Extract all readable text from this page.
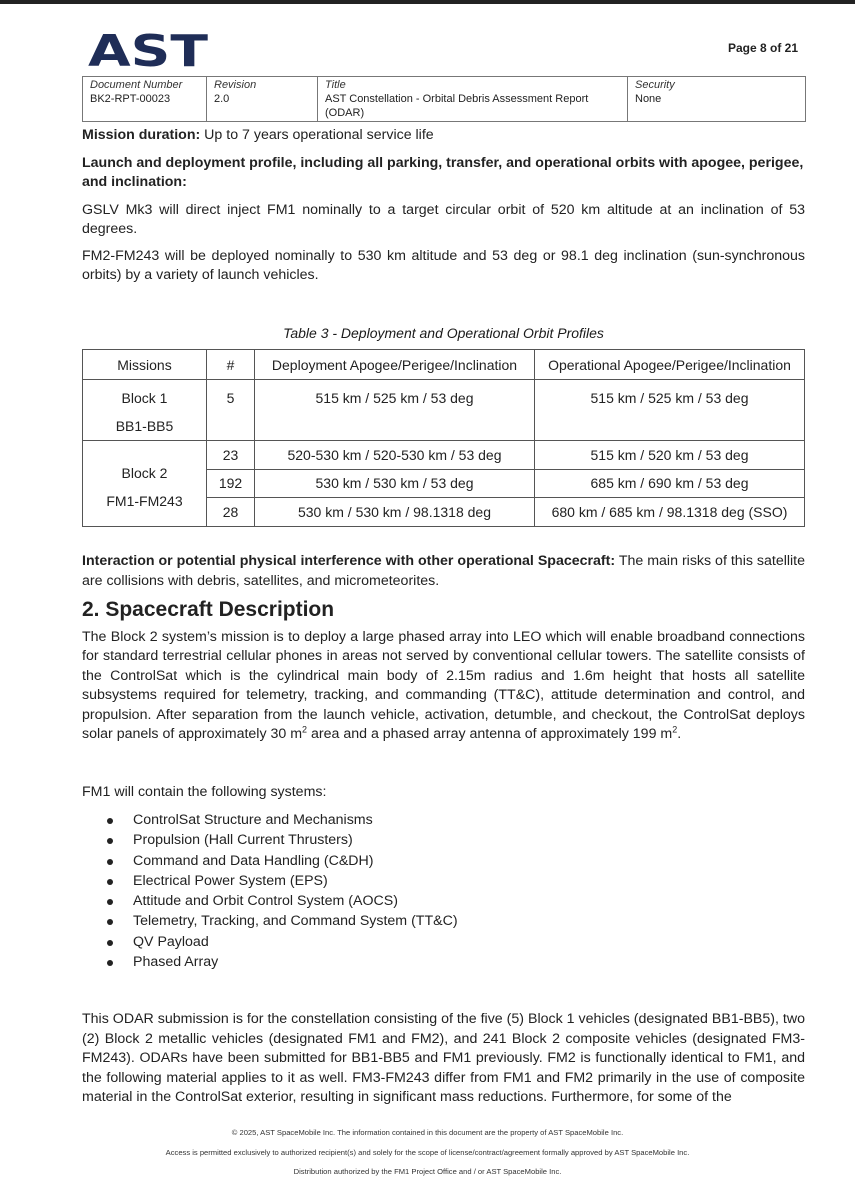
AST	Page 8 of 21
Document Number
BK2-RPT-00023

Revision
2.0

Title
AST Constellation - Orbital Debris Assessment Report (ODAR)

Security
None

Mission duration: Up to 7 years operational service life

Launch and deployment profile, including all parking, transfer, and operational orbits with apogee, perigee, and inclination:

GSLV Mk3 will direct inject FM1 nominally to a target circular orbit of 520 km altitude at an inclination of 53 degrees.

FM2-FM243 will be deployed nominally to 530 km altitude and 53 deg or 98.1 deg inclination (sun-synchronous orbits) by a variety of launch vehicles.

Table 3 - Deployment and Operational Orbit Profiles
Missions	#	Deployment Apogee/Perigee/Inclination	Operational Apogee/Perigee/Inclination
Block 1
BB1-BB5	5	515 km / 525 km / 53 deg	515 km / 525 km / 53 deg
Block 2
FM1-FM243	23	520-530 km / 520-530 km / 53 deg	515 km / 520 km / 53 deg
	192	530 km / 530 km / 53 deg	685 km / 690 km / 53 deg
	28	530 km / 530 km / 98.1318 deg	680 km / 685 km / 98.1318 deg (SSO)

Interaction or potential physical interference with other operational Spacecraft: The main risks of this satellite are collisions with debris, satellites, and micrometeorites.

2. Spacecraft Description

The Block 2 system’s mission is to deploy a large phased array into LEO which will enable broadband connections for standard terrestrial cellular phones in areas not served by conventional cellular towers. The satellite consists of the ControlSat which is the cylindrical main body of 2.15m radius and 1.6m height that hosts all satellite subsystems required for telemetry, tracking, and commanding (TT&C), attitude determination and control, and propulsion. After separation from the launch vehicle, activation, detumble, and checkout, the ControlSat deploys solar panels of approximately 30 $m^2$ area and a phased array antenna of approximately 199 $m^2$.

FM1 will contain the following systems:

ControlSat Structure and Mechanisms
Propulsion (Hall Current Thrusters)
Command and Data Handling (C&DH)
Electrical Power System (EPS)
Attitude and Orbit Control System (AOCS)
Telemetry, Tracking, and Command System (TT&C)
QV Payload
Phased Array

This ODAR submission is for the constellation consisting of the five (5) Block 1 vehicles (designated BB1-BB5), two (2) Block 2 metallic vehicles (designated FM1 and FM2), and 241 Block 2 composite vehicles (designated FM3-FM243). ODARs have been submitted for BB1-BB5 and FM1 previously. FM2 is functionally identical to FM1, and the following material applies to it as well. FM3-FM243 differ from FM1 and FM2 primarily in the use of composite material in the ControlSat exterior, resulting in significant mass reductions. Furthermore, for some of the

© 2025, AST SpaceMobile Inc. The information contained in this document are the property of AST SpaceMobile Inc.
Access is permitted exclusively to authorized recipient(s) and solely for the scope of license/contract/agreement formally approved by AST SpaceMobile Inc.
Distribution authorized by the FM1 Project Office and / or AST SpaceMobile Inc.
